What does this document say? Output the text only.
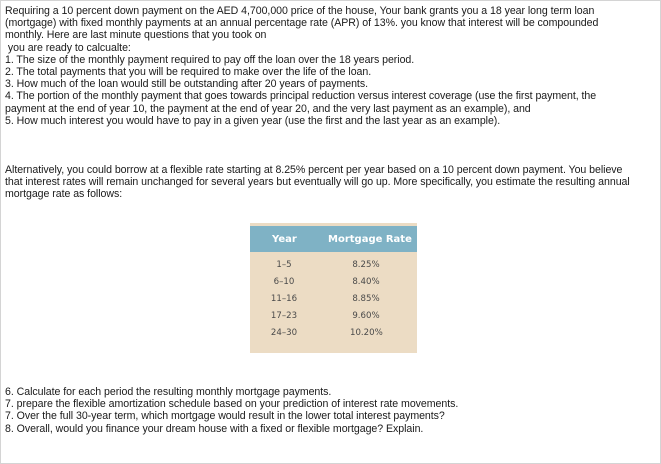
Requiring a 10 percent down payment on the AED 4,700,000 price of the house, Your bank grants you a 18 year long term loan

(mortgage) with fixed monthly payments at an annual percentage rate (APR) of 13%. you know that interest will be compounded

monthly. Here are last minute questions that you took on

you are ready to calcualte:

1. The size of the monthly payment required to pay off the loan over the 18 years period.

2. The total payments that you will be required to make over the life of the loan.

3. How much of the loan would still be outstanding after 20 years of payments.

4. The portion of the monthly payment that goes towards principal reduction versus interest coverage (use the first payment, the

payment at the end of year 10, the payment at the end of year 20, and the very last payment as an example), and

5. How much interest you would have to pay in a given year (use the first and the last year as an example).

Alternatively, you could borrow at a flexible rate starting at 8.25% percent per year based on a 10 percent down payment. You believe

that interest rates will remain unchanged for several years but eventually will go up. More specifically, you estimate the resulting annual

mortgage rate as follows:

Year	Mortgage Rate
1–5	8.25%
6–10	8.40%
11–16	8.85%
17–23	9.60%
24–30	10.20%

6. Calculate for each period the resulting monthly mortgage payments.

7. prepare the flexible amortization schedule based on your prediction of interest rate movements.

7. Over the full 30-year term, which mortgage would result in the lower total interest payments?

8. Overall, would you finance your dream house with a fixed or flexible mortgage? Explain.
